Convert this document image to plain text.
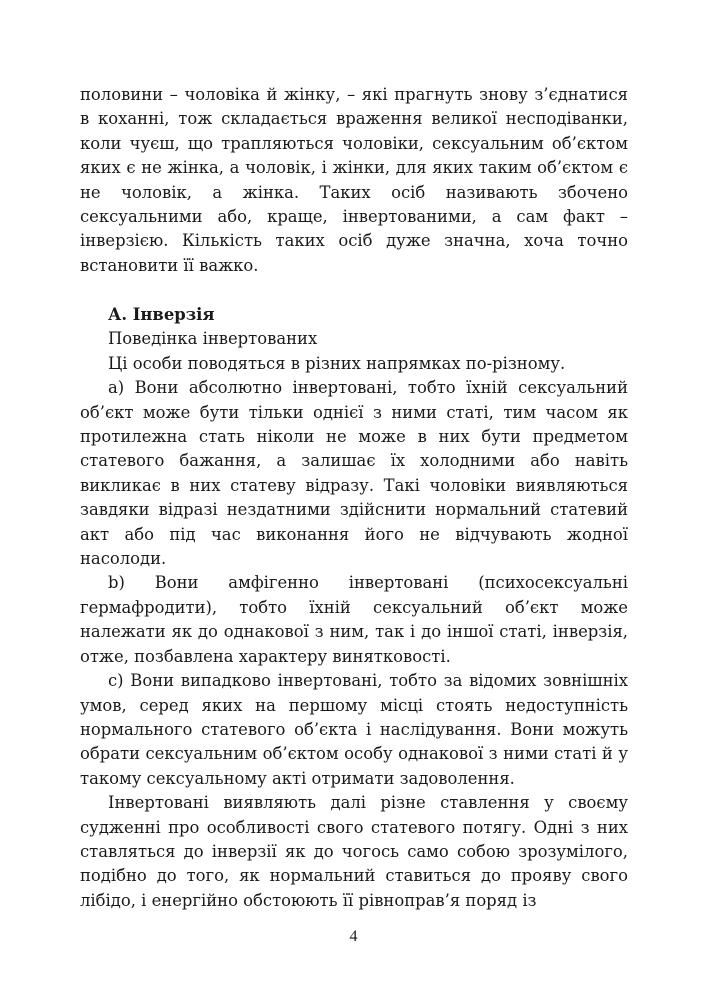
половини – чоловіка й жінку, – які прагнуть знову з’єднатися в коханні, тож складається враження великої несподіванки, коли чуєш, що трапляються чоловіки, сексуальним об’єктом яких є не жінка, а чоловік, і жінки, для яких таким об’єктом є не чоловік, а жінка. Таких осіб називають збочено сексуальними або, краще, інвертованими, а сам факт – інверзією. Кількість таких осіб дуже значна, хоча точно встановити її важко.

А. Інверзія

Поведінка інвертованих

Ці особи поводяться в різних напрямках по-різному.

а) Вони абсолютно інвертовані, тобто їхній сексуальний об’єкт може бути тільки однієї з ними статі, тим часом як протилежна стать ніколи не може в них бути предметом статевого бажання, а залишає їх холодними або навіть викликає в них статеву відразу. Такі чоловіки виявляються завдяки відразі нездатними здійснити нормальний статевий акт або під час виконання його не відчувають жодної насолоди.

b) Вони амфігенно інвертовані (психосексуальні гермафродити), тобто їхній сексуальний об’єкт може належати як до однакової з ним, так і до іншої статі, інверзія, отже, позбавлена характеру винятковості.

c) Вони випадково інвертовані, тобто за відомих зовнішніх умов, серед яких на першому місці стоять недоступність нормального статевого об’єкта і наслідування. Вони можуть обрати сексуальним об’єктом особу однакової з ними статі й у такому сексуальному акті отримати задоволення.

Інвертовані виявляють далі різне ставлення у своєму судженні про особливості свого статевого потягу. Одні з них ставляться до інверзії як до чогось само собою зрозумілого, подібно до того, як нормальний ставиться до прояву свого лібідо, і енергійно обстоюють її рівноправ’я поряд із

4
